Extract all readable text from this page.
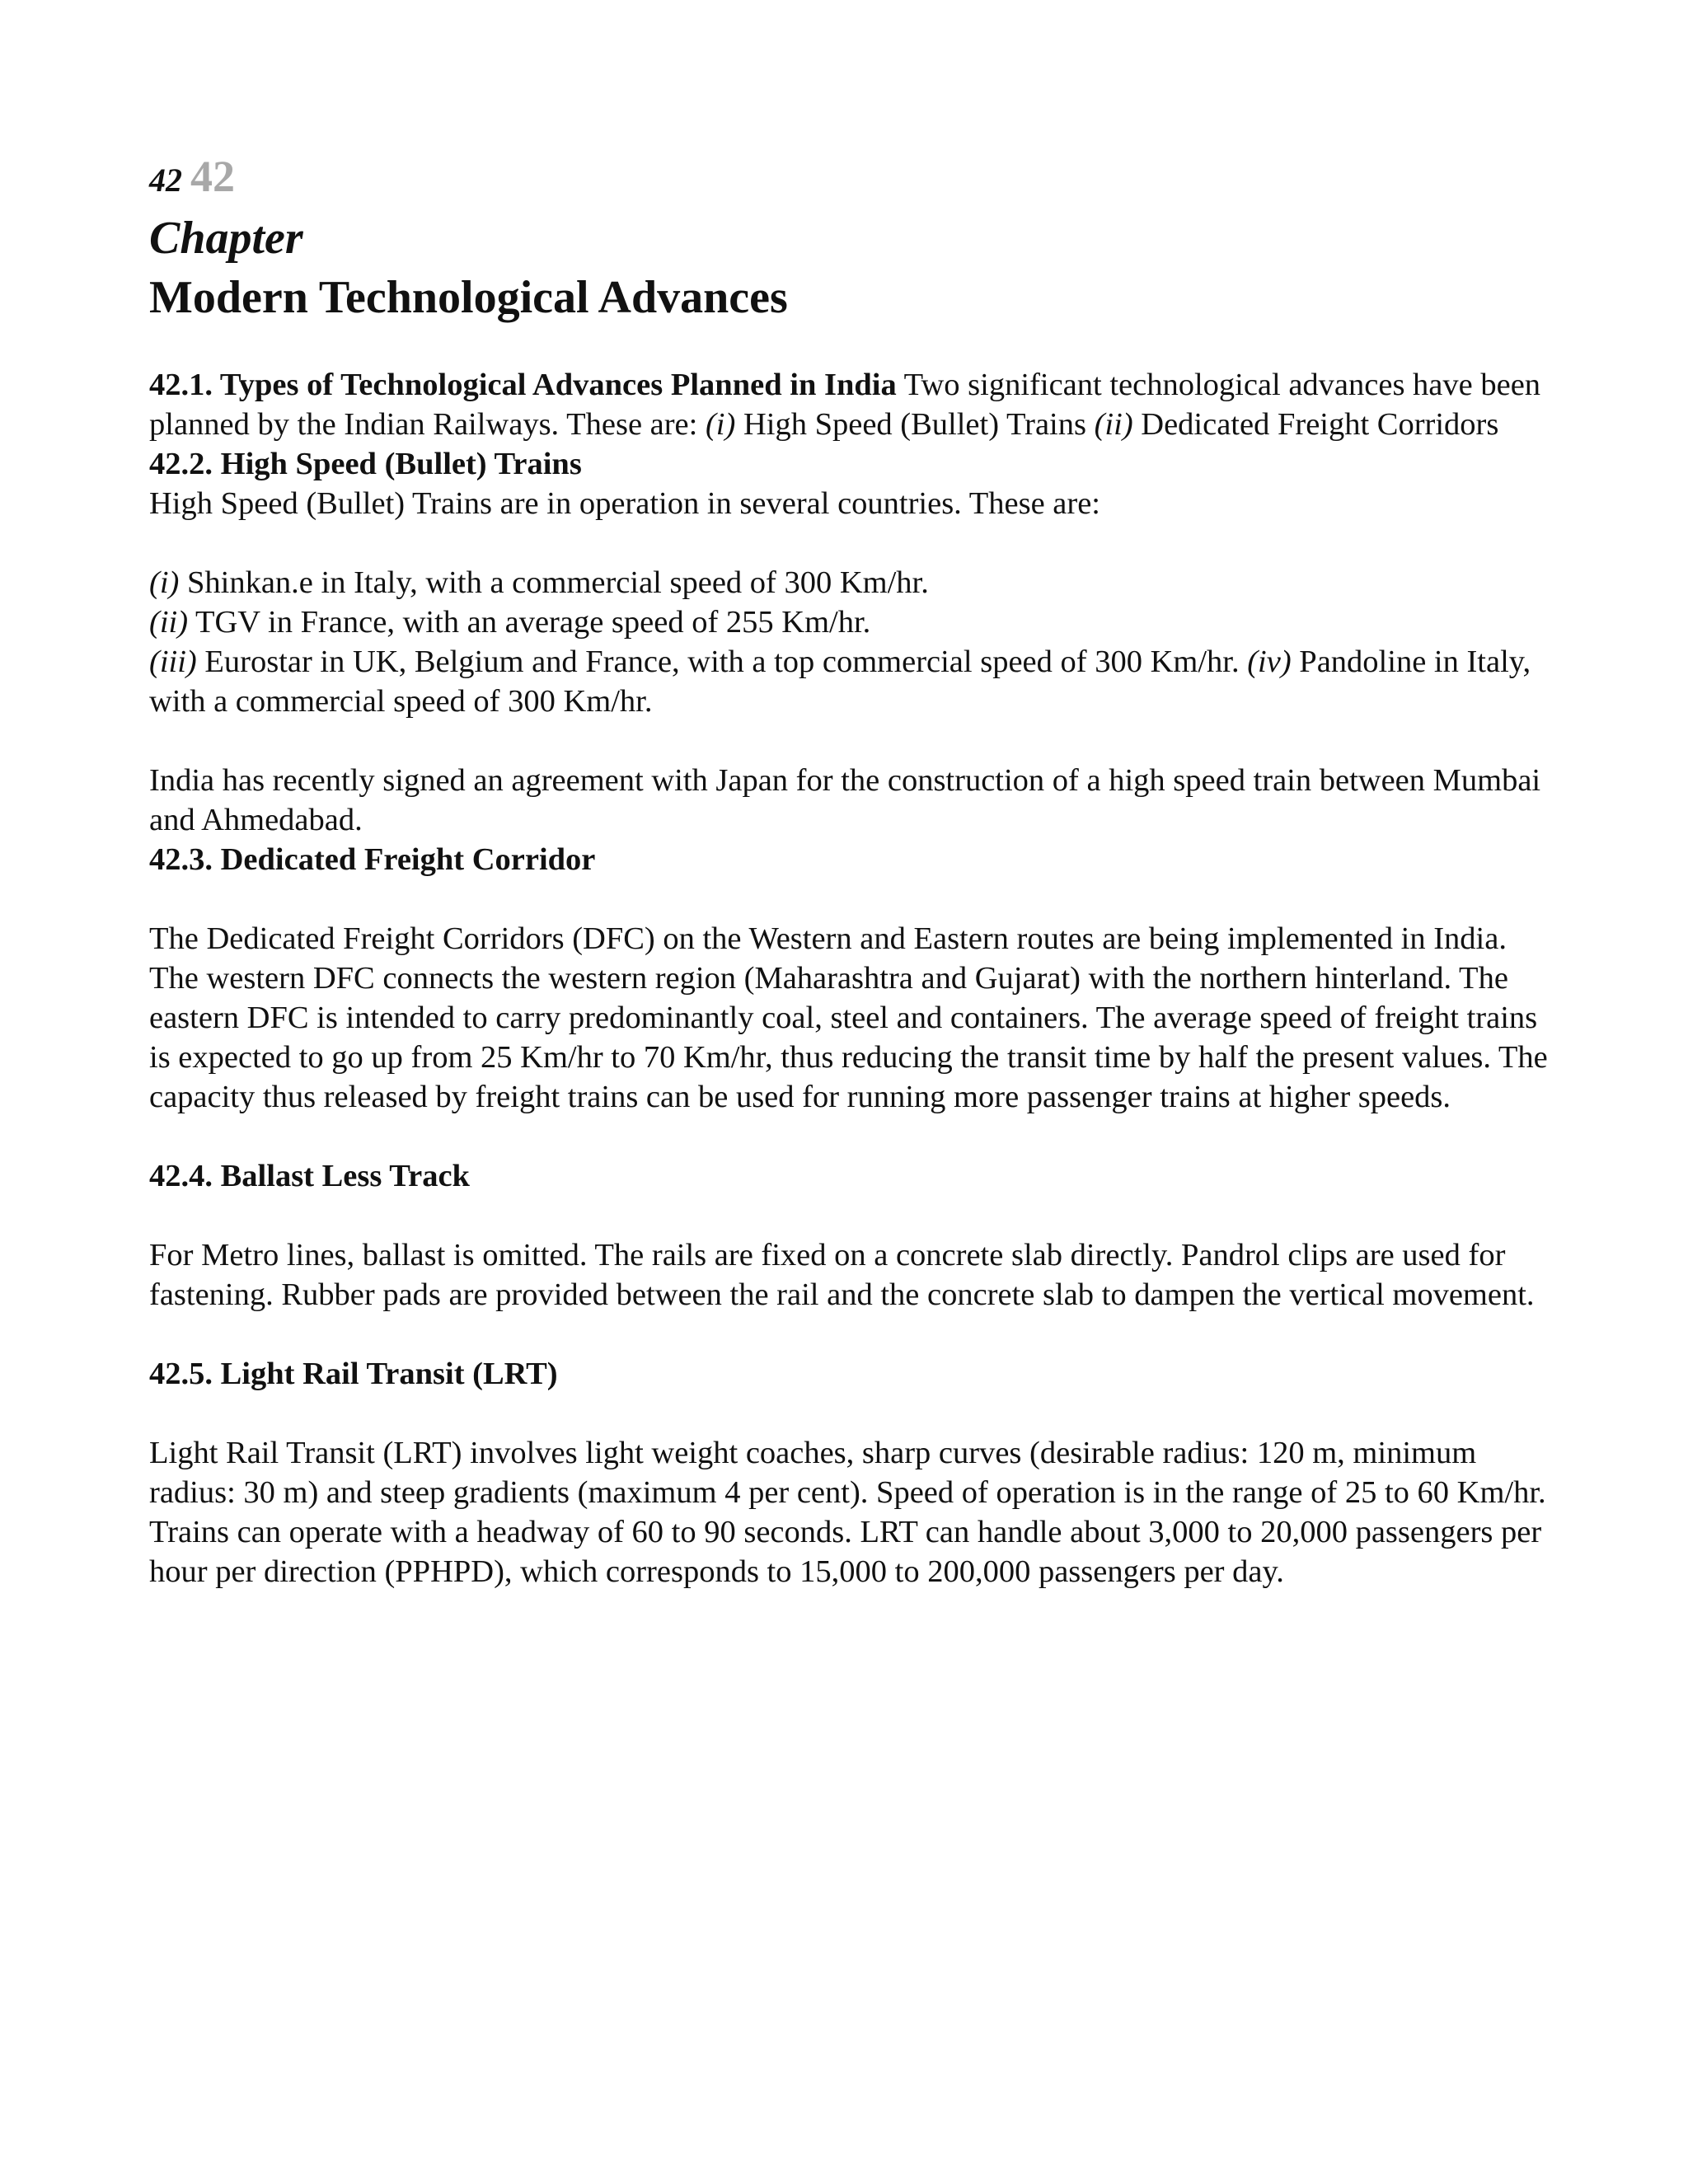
42 42
Chapter
Modern Technological Advances

42.1. Types of Technological Advances Planned in India Two significant technological advances have been planned by the Indian Railways. These are: (i) High Speed (Bullet) Trains (ii) Dedicated Freight Corridors 42.2. High Speed (Bullet) Trains

High Speed (Bullet) Trains are in operation in several countries. These are:

(i) Shinkan.e in Italy, with a commercial speed of 300 Km/hr.

(ii) TGV in France, with an average speed of 255 Km/hr.

(iii) Eurostar in UK, Belgium and France, with a top commercial speed of 300 Km/hr. (iv) Pandoline in Italy, with a commercial speed of 300 Km/hr.

India has recently signed an agreement with Japan for the construction of a high speed train between Mumbai and Ahmedabad.

42.3. Dedicated Freight Corridor

The Dedicated Freight Corridors (DFC) on the Western and Eastern routes are being implemented in India. The western DFC connects the western region (Maharashtra and Gujarat) with the northern hinterland. The eastern DFC is intended to carry predominantly coal, steel and containers. The average speed of freight trains is expected to go up from 25 Km/hr to 70 Km/hr, thus reducing the transit time by half the present values. The capacity thus released by freight trains can be used for running more passenger trains at higher speeds.

42.4. Ballast Less Track

For Metro lines, ballast is omitted. The rails are fixed on a concrete slab directly. Pandrol clips are used for fastening. Rubber pads are provided between the rail and the concrete slab to dampen the vertical movement.

42.5. Light Rail Transit (LRT)

Light Rail Transit (LRT) involves light weight coaches, sharp curves (desirable radius: 120 m, minimum radius: 30 m) and steep gradients (maximum 4 per cent). Speed of operation is in the range of 25 to 60 Km/hr. Trains can operate with a headway of 60 to 90 seconds. LRT can handle about 3,000 to 20,000 passengers per hour per direction (PPHPD), which corresponds to 15,000 to 200,000 passengers per day.
